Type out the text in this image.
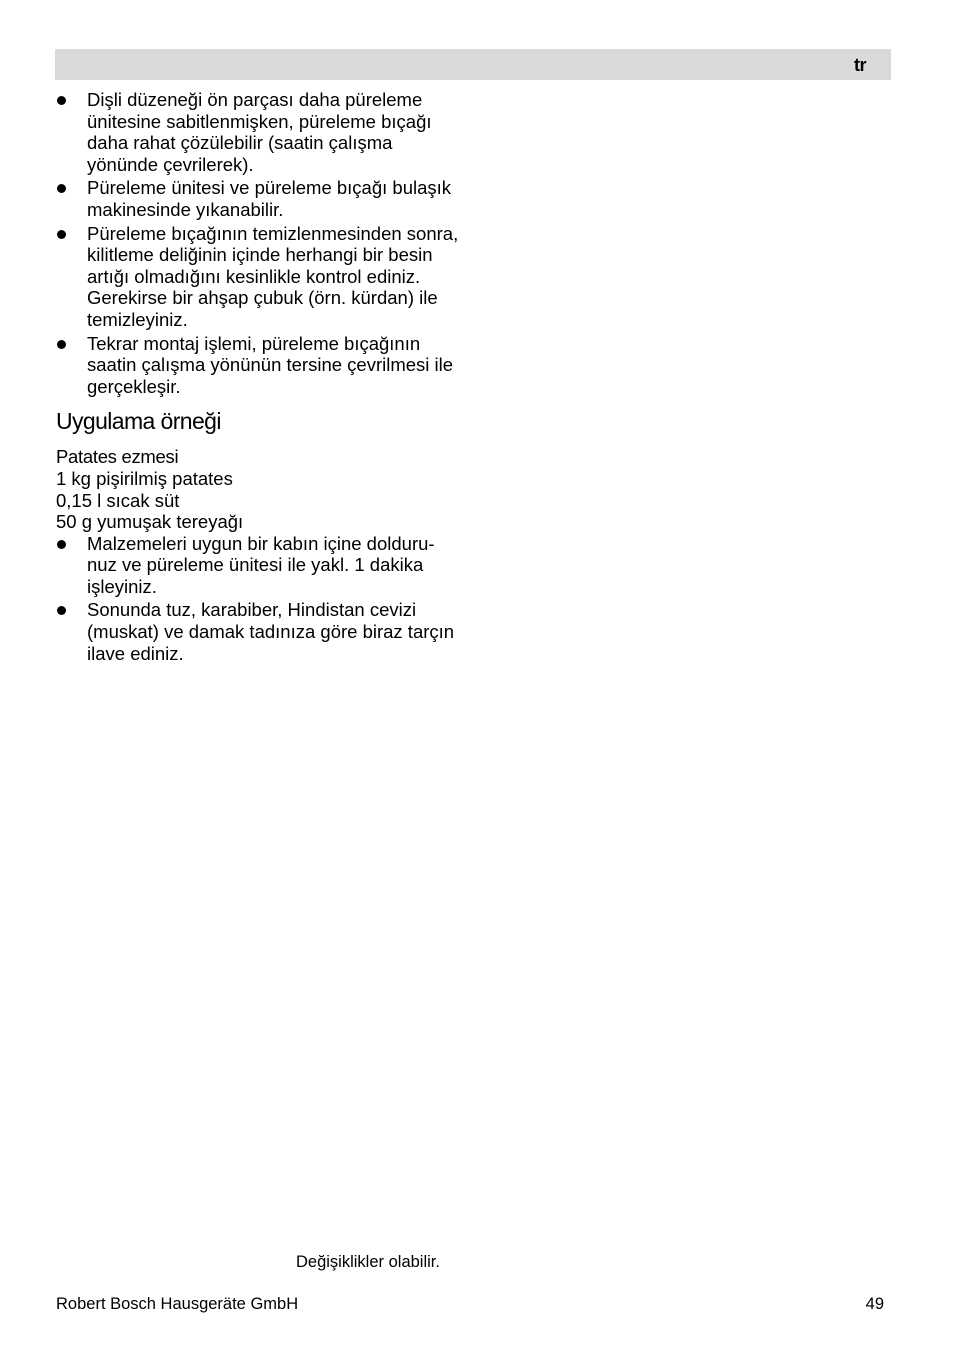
tr
Dişli düzeneği ön parçası daha püreleme ünitesine sabitlenmişken, püreleme bıçağı daha rahat çözülebilir (saatin çalışma yönünde çevrilerek).
Püreleme ünitesi ve püreleme bıçağı bulaşık makinesinde yıkanabilir.
Püreleme bıçağının temizlenmesinden sonra, kilitleme deliğinin içinde herhangi bir besin artığı olmadığını kesinlikle kontrol ediniz. Gerekirse bir ahşap çubuk (örn. kürdan) ile temizleyiniz.
Tekrar montaj işlemi, püreleme bıçağının saatin çalışma yönünün tersine çevrilmesi ile gerçekleşir.
Uygulama örneği

Patates ezmesi

1 kg pişirilmiş patates

0,15 l sıcak süt

50 g yumuşak tereyağı

Malzemeleri uygun bir kabın içine dolduru-nuz ve püreleme ünitesi ile yakl. 1 dakika işleyiniz.
Sonunda tuz, karabiber, Hindistan cevizi (muskat) ve damak tadınıza göre biraz tarçın ilave ediniz.
Değişiklikler olabilir.
Robert Bosch Hausgeräte GmbH	49
